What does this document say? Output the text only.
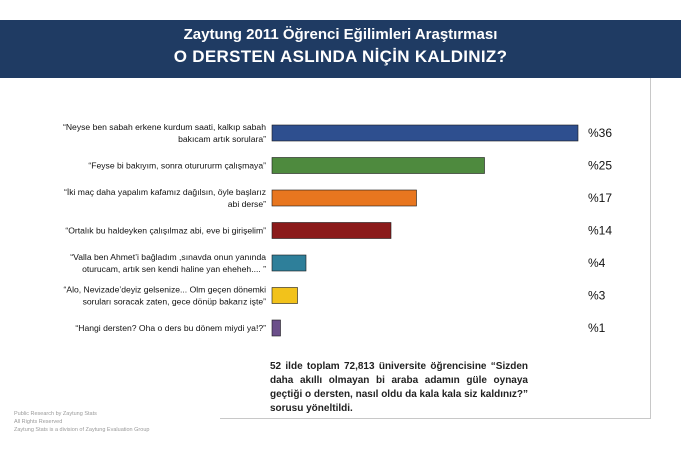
Zaytung 2011 Öğrenci Eğilimleri Araştırması
O DERSTEN ASLINDA NİÇİN KALDINIZ?
%36
“Neyse ben sabah erkene kurdum saati, kalkıp sabah
bakıcam artık sorulara”
%25
“Feyse bi bakıyım, sonra oturururm çalışmaya”
%17
“İki maç daha yapalım kafamız dağılsın, öyle başlarız
abi derse”
%14
“Ortalık bu haldeyken çalışılmaz abi, eve bi girişelim”
%4
“Valla ben Ahmet’i bağladım ,sınavda onun yanında
oturucam, artık sen kendi haline yan eheheh.... ”
%3
“Alo, Nevizade’deyiz gelsenize... Olm geçen dönemki
soruları soracak zaten, gece dönüp bakarız işte”
%1
“Hangi dersten? Oha o ders bu dönem miydi ya!?”
52 ilde toplam 72,813 üniversite öğrencisine “Sizden daha akıllı olmayan bi araba adamın güle oynaya geçtiği o dersten, nasıl oldu da kala kala siz kaldınız?” sorusu yöneltildi.
Public Research by Zaytung Stats
All Rights Reserved
Zaytung Stats is a division of Zaytung Evaluation Group
